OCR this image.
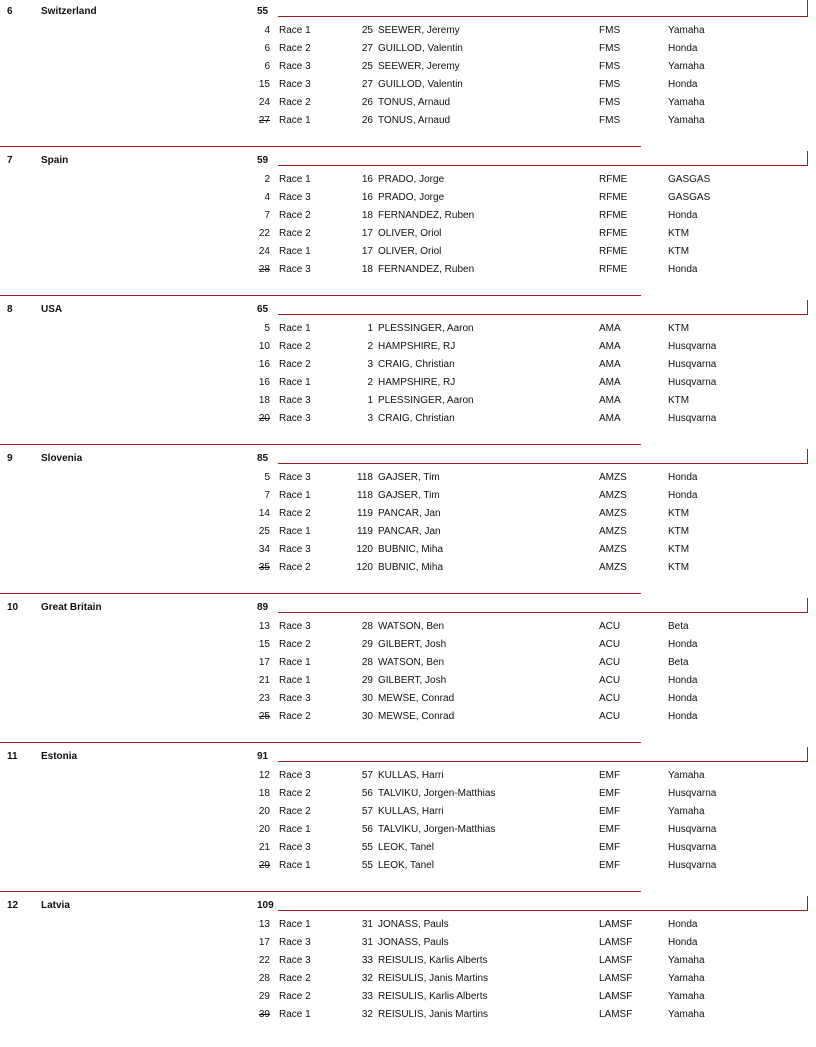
6	Switzerland	55
4 Race 1	25 SEEWER, Jeremy	FMS	Yamaha
6 Race 2	27 GUILLOD, Valentin	FMS	Honda
6 Race 3	25 SEEWER, Jeremy	FMS	Yamaha
15 Race 3	27 GUILLOD, Valentin	FMS	Honda
24 Race 2	26 TONUS, Arnaud	FMS	Yamaha
27 Race 1	26 TONUS, Arnaud	FMS	Yamaha
7	Spain	59
2 Race 1	16 PRADO, Jorge	RFME	GASGAS
4 Race 3	16 PRADO, Jorge	RFME	GASGAS
7 Race 2	18 FERNANDEZ, Ruben	RFME	Honda
22 Race 2	17 OLIVER, Oriol	RFME	KTM
24 Race 1	17 OLIVER, Oriol	RFME	KTM
28 Race 3	18 FERNANDEZ, Ruben	RFME	Honda
8	USA	65
5 Race 1	1 PLESSINGER, Aaron	AMA	KTM
10 Race 2	2 HAMPSHIRE, RJ	AMA	Husqvarna
16 Race 2	3 CRAIG, Christian	AMA	Husqvarna
16 Race 1	2 HAMPSHIRE, RJ	AMA	Husqvarna
18 Race 3	1 PLESSINGER, Aaron	AMA	KTM
20 Race 3	3 CRAIG, Christian	AMA	Husqvarna
9	Slovenia	85
5 Race 3	118 GAJSER, Tim	AMZS	Honda
7 Race 1	118 GAJSER, Tim	AMZS	Honda
14 Race 2	119 PANCAR, Jan	AMZS	KTM
25 Race 1	119 PANCAR, Jan	AMZS	KTM
34 Race 3	120 BUBNIC, Miha	AMZS	KTM
35 Race 2	120 BUBNIC, Miha	AMZS	KTM
10 Great Britain	89
13 Race 3	28 WATSON, Ben	ACU	Beta
15 Race 2	29 GILBERT, Josh	ACU	Honda
17 Race 1	28 WATSON, Ben	ACU	Beta
21 Race 1	29 GILBERT, Josh	ACU	Honda
23 Race 3	30 MEWSE, Conrad	ACU	Honda
25 Race 2	30 MEWSE, Conrad	ACU	Honda
11 Estonia	91
12 Race 3	57 KULLAS, Harri	EMF	Yamaha
18 Race 2	56 TALVIKU, Jorgen-Matthias	EMF	Husqvarna
20 Race 2	57 KULLAS, Harri	EMF	Yamaha
20 Race 1	56 TALVIKU, Jorgen-Matthias	EMF	Husqvarna
21 Race 3	55 LEOK, Tanel	EMF	Husqvarna
29 Race 1	55 LEOK, Tanel	EMF	Husqvarna
12 Latvia	109
13 Race 1	31 JONASS, Pauls	LAMSF	Honda
17 Race 3	31 JONASS, Pauls	LAMSF	Honda
22 Race 3	33 REISULIS, Karlis Alberts	LAMSF	Yamaha
28 Race 2	32 REISULIS, Janis Martins	LAMSF	Yamaha
29 Race 2	33 REISULIS, Karlis Alberts	LAMSF	Yamaha
39 Race 1	32 REISULIS, Janis Martins	LAMSF	Yamaha
